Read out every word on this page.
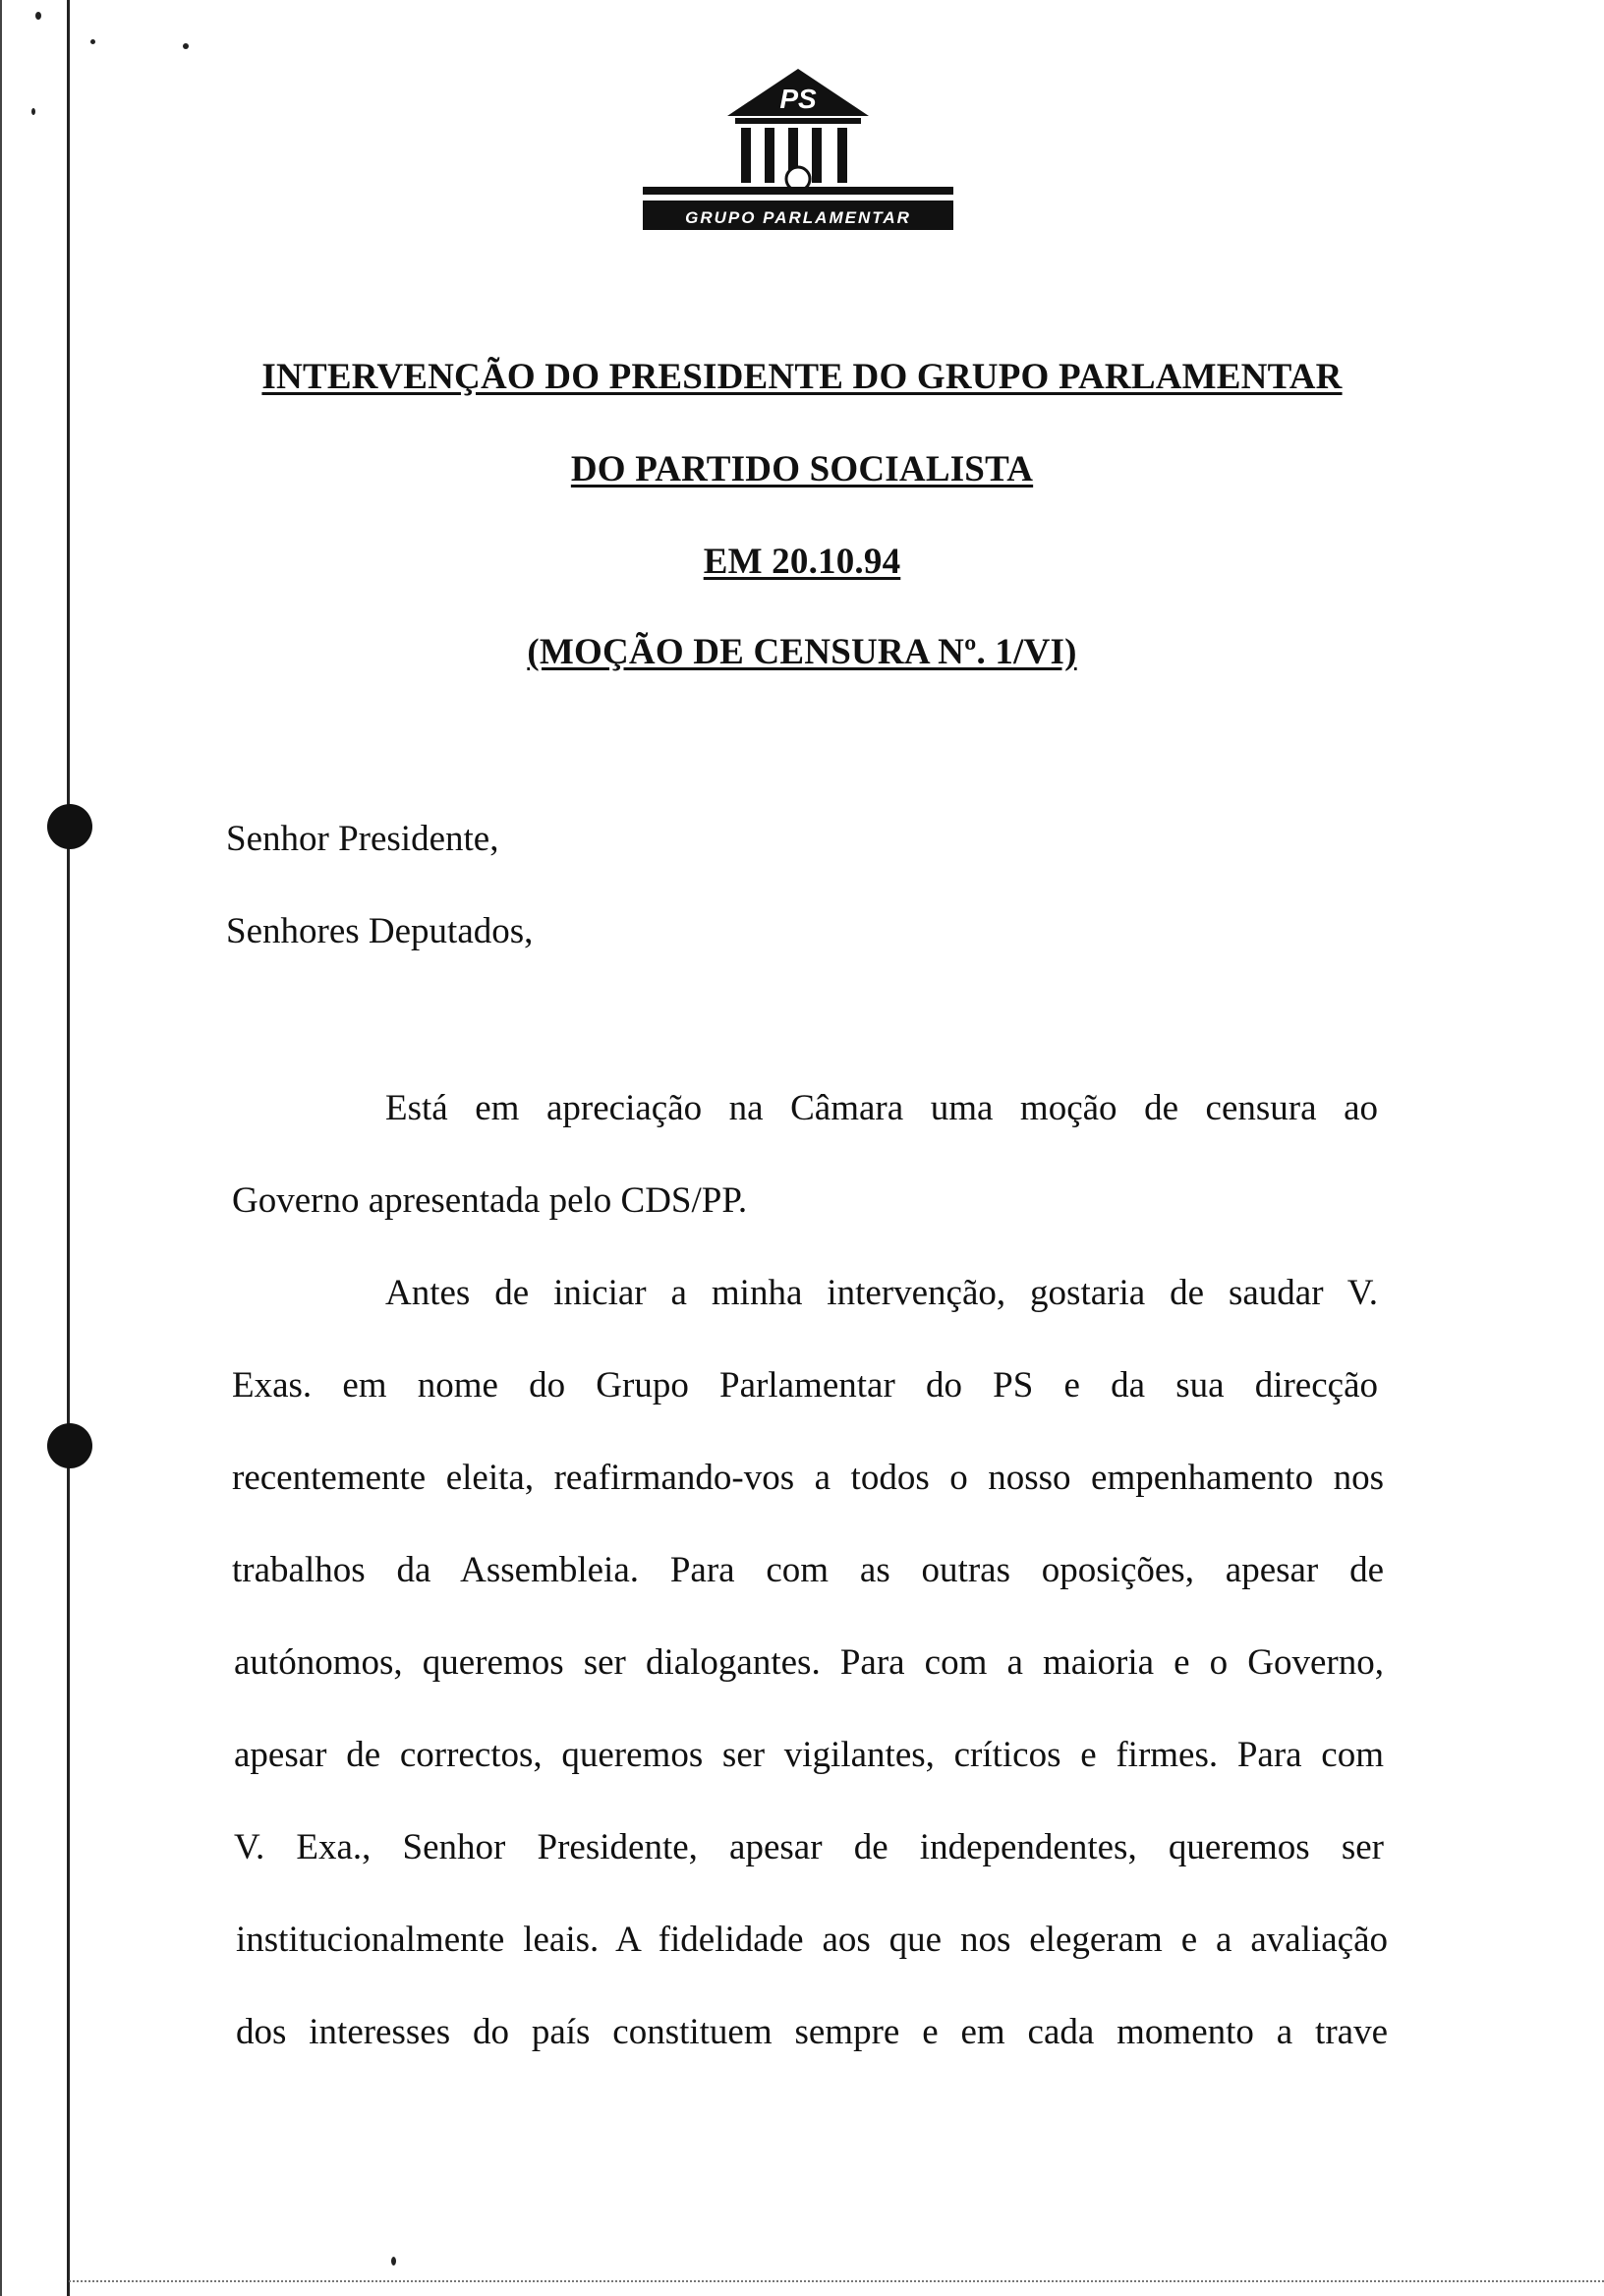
PS
GRUPO PARLAMENTAR
INTERVENÇÃO DO PRESIDENTE DO GRUPO PARLAMENTAR
DO PARTIDO SOCIALISTA
EM 20.10.94
(MOÇÃO DE CENSURA Nº. 1/VI)
Senhor Presidente,
Senhores Deputados,
Está em apreciação na Câmara uma moção de censura ao
Governo apresentada pelo CDS/PP.
Antes de iniciar a minha intervenção, gostaria de saudar V.
Exas. em nome do Grupo Parlamentar do PS e da sua direcção
recentemente eleita, reafirmando-vos a todos o nosso empenhamento nos
trabalhos da Assembleia. Para com as outras oposições, apesar de
autónomos, queremos ser dialogantes. Para com a maioria e o Governo,
apesar de correctos, queremos ser vigilantes, críticos e firmes. Para com
V. Exa., Senhor Presidente, apesar de independentes, queremos ser
institucionalmente leais. A fidelidade aos que nos elegeram e a avaliação
dos interesses do país constituem sempre e em cada momento a trave
